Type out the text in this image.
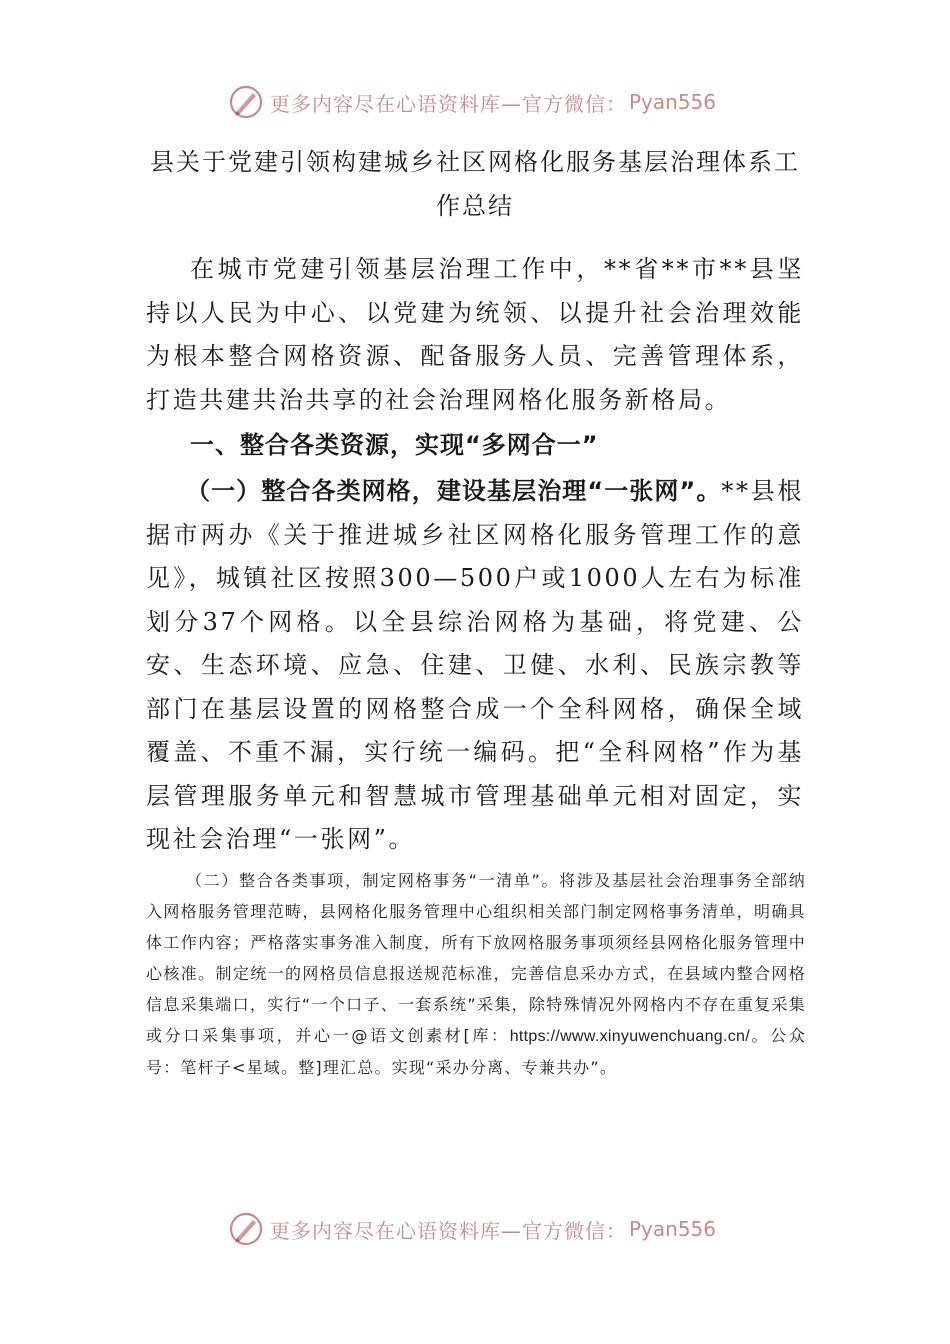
更多内容尽在心语资料库—官方微信： Pyan556
县关于党建引领构建城乡社区网格化服务基层治理体系工作总结
在城市党建引领基层治理工作中，**省**市**县坚持以人民为中心、以党建为统领、以提升社会治理效能为根本整合网格资源、配备服务人员、完善管理体系，打造共建共治共享的社会治理网格化服务新格局。
一、整合各类资源，实现“多网合一”
（一）整合各类网格，建设基层治理“一张网”。**县根据市两办《关于推进城乡社区网格化服务管理工作的意见》，城镇社区按照300—500户或1000人左右为标准划分37个网格。以全县综治网格为基础，将党建、公安、生态环境、应急、住建、卫健、水利、民族宗教等部门在基层设置的网格整合成一个全科网格，确保全域覆盖、不重不漏，实行统一编码。把“全科网格”作为基层管理服务单元和智慧城市管理基础单元相对固定，实现社会治理“一张网”。
（二）整合各类事项，制定网格事务“一清单”。将涉及基层社会治理事务全部纳入网格服务管理范畴，县网格化服务管理中心组织相关部门制定网格事务清单，明确具体工作内容；严格落实事务准入制度，所有下放网格服务事项须经县网格化服务管理中心核准。制定统一的网格员信息报送规范标准，完善信息采办方式，在县域内整合网格信息采集端口，实行“一个口子、一套系统”采集，除特殊情况外网格内不存在重复采集或分口采集事项，并心一@语文创素材[库：https://www.xinyuwenchuang.cn/。公众号：笔杆子<星域。整]理汇总。实现“采办分离、专兼共办”。
更多内容尽在心语资料库—官方微信： Pyan556
